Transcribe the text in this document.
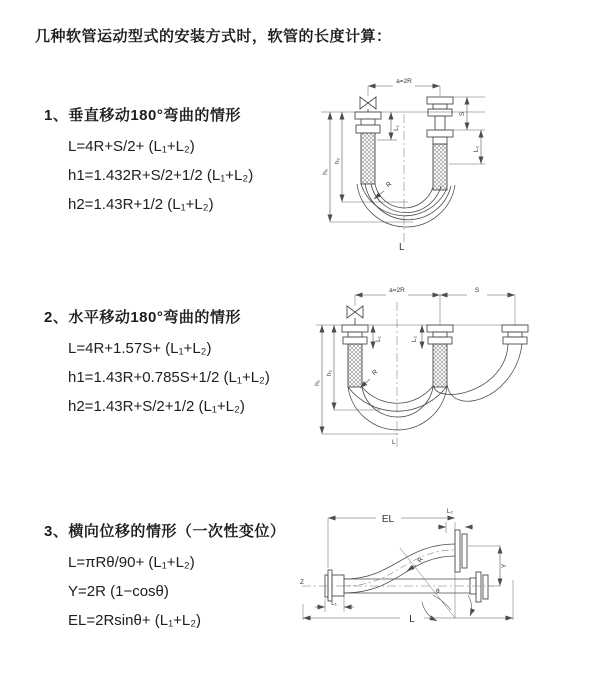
几种软管运动型式的安装方式时，软管的长度计算：
1、垂直移动180°弯曲的情形
L=4R+S/2+ (L₁+L₂)
h1=1.432R+S/2+1/2 (L₁+L₂)
h2=1.43R+1/2 (L₁+L₂)
a=2R
L₁
S
L₂
h₁
h₂
R
L
2、水平移动180°弯曲的情形
L=4R+1.57S+ (L₁+L₂)
h1=1.43R+0.785S+1/2 (L₁+L₂)
h2=1.43R+S/2+1/2 (L₁+L₂)
a=2R	S
L₁	L₂
h₁
h₂	R
L
3、横向位移的情形（一次性变位）
L=πRθ/90+ (L₁+L₂)
Y=2R (1−cosθ)
EL=2Rsinθ+ (L₁+L₂)
EL
L₂
Y
Z
R
θ
L₁
L
